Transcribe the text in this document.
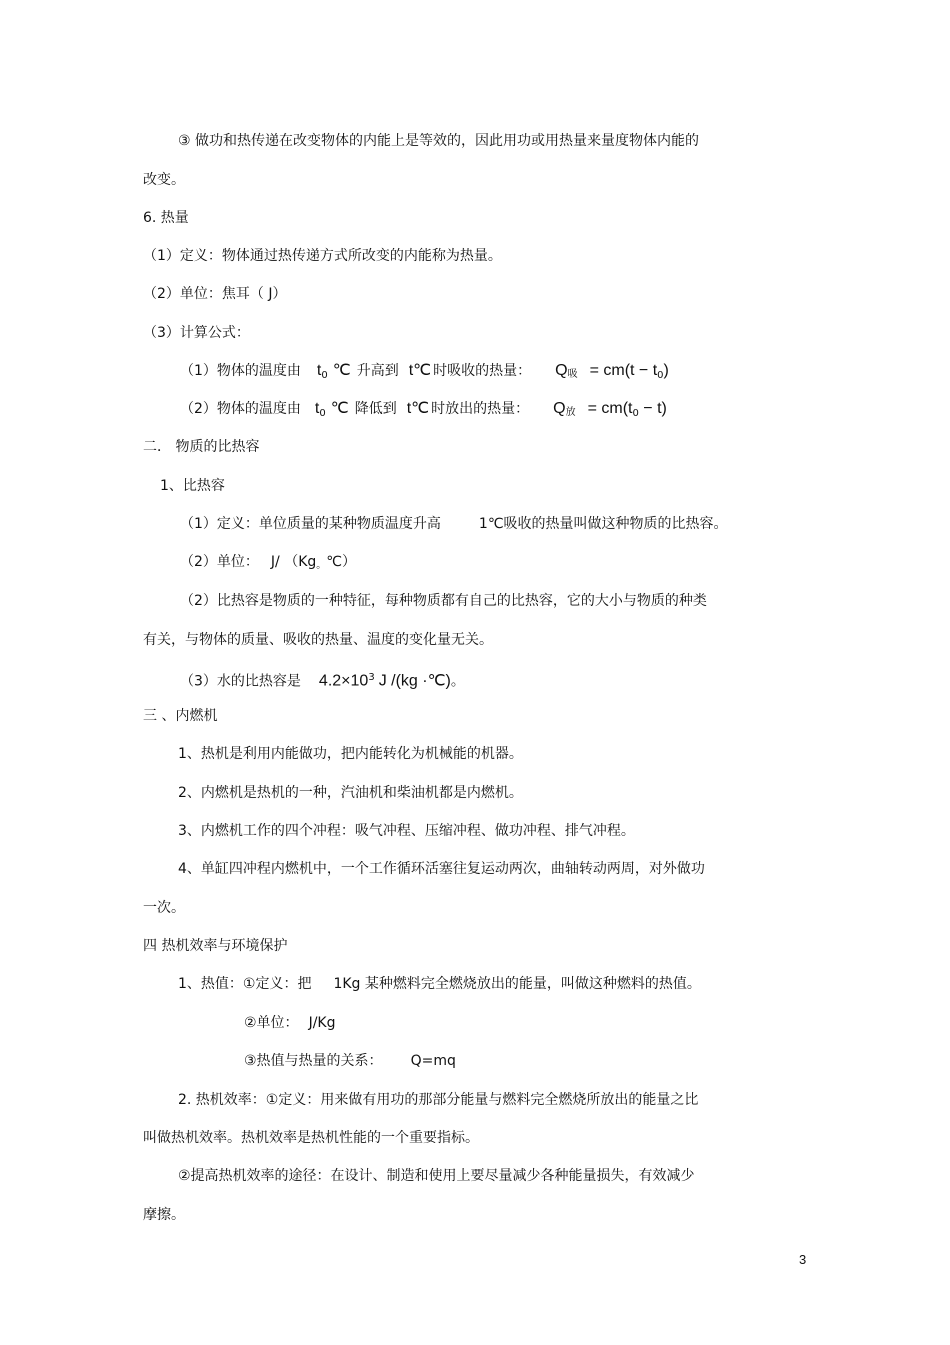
③ 做功和热传递在改变物体的内能上是等效的，因此用功或用热量来量度物体内能的
改变。
6. 热量
（1）定义：物体通过热传递方式所改变的内能称为热量。
（2）单位：焦耳（ J）
（3）计算公式：
（1）物体的温度由 $t_0$ ℃ 升高到 t℃ 时吸收的热量： Q吸 = $cm(t - t_0)$
（2）物体的温度由 $t_0$ ℃ 降低到 t℃ 时放出的热量： Q放 = $cm(t_0 - t)$
二． 物质的比热容
1、比热容
（1）定义：单位质量的某种物质温度升高	1℃吸收的热量叫做这种物质的比热容。
（2）单位： J/ （Kg。℃）
（2）比热容是物质的一种特征，每种物质都有自己的比热容，它的大小与物质的种类
有关，与物体的质量、吸收的热量、温度的变化量无关。
（3）水的比热容是 $4.2\times 10^3$ J /(kg ·℃)。
三 、内燃机
1、热机是利用内能做功，把内能转化为机械能的机器。
2、内燃机是热机的一种，汽油机和柴油机都是内燃机。
3、内燃机工作的四个冲程：吸气冲程、压缩冲程、做功冲程、排气冲程。
4、单缸四冲程内燃机中，一个工作循环活塞往复运动两次，曲轴转动两周，对外做功
一次。
四 热机效率与环境保护
1、热值：①定义：把 1Kg 某种燃料完全燃烧放出的能量，叫做这种燃料的热值。
②单位： J/Kg
③热值与热量的关系： Q=mq
2. 热机效率：①定义：用来做有用功的那部分能量与燃料完全燃烧所放出的能量之比
叫做热机效率。热机效率是热机性能的一个重要指标。
②提高热机效率的途径：在设计、制造和使用上要尽量减少各种能量损失，有效减少
摩擦。
3
